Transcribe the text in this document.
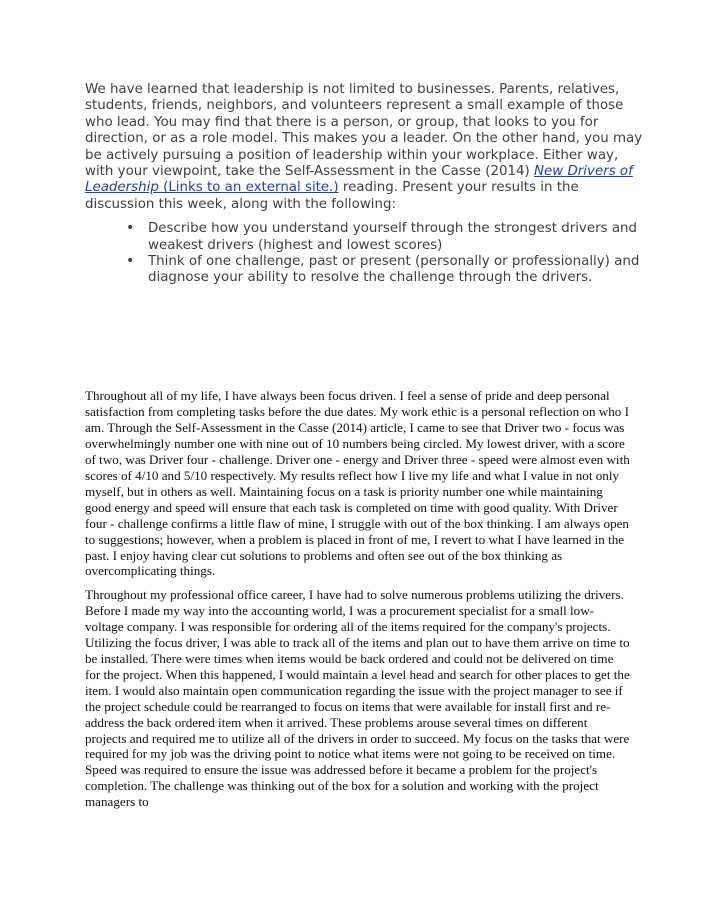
We have learned that leadership is not limited to businesses. Parents, relatives, students, friends, neighbors, and volunteers represent a small example of those who lead. You may find that there is a person, or group, that looks to you for direction, or as a role model. This makes you a leader. On the other hand, you may be actively pursuing a position of leadership within your workplace. Either way, with your viewpoint, take the Self-Assessment in the Casse (2014) New Drivers of Leadership (Links to an external site.) reading. Present your results in the discussion this week, along with the following:

• Describe how you understand yourself through the strongest drivers and weakest drivers (highest and lowest scores)
• Think of one challenge, past or present (personally or professionally) and diagnose your ability to resolve the challenge through the drivers.

Throughout all of my life, I have always been focus driven. I feel a sense of pride and deep personal satisfaction from completing tasks before the due dates. My work ethic is a personal reflection on who I am. Through the Self-Assessment in the Casse (2014) article, I came to see that Driver two - focus was overwhelmingly number one with nine out of 10 numbers being circled. My lowest driver, with a score of two, was Driver four - challenge. Driver one - energy and Driver three - speed were almost even with scores of 4/10 and 5/10 respectively. My results reflect how I live my life and what I value in not only myself, but in others as well. Maintaining focus on a task is priority number one while maintaining good energy and speed will ensure that each task is completed on time with good quality. With Driver four - challenge confirms a little flaw of mine, I struggle with out of the box thinking. I am always open to suggestions; however, when a problem is placed in front of me, I revert to what I have learned in the past. I enjoy having clear cut solutions to problems and often see out of the box thinking as overcomplicating things.

Throughout my professional office career, I have had to solve numerous problems utilizing the drivers. Before I made my way into the accounting world, I was a procurement specialist for a small low-voltage company. I was responsible for ordering all of the items required for the company's projects. Utilizing the focus driver, I was able to track all of the items and plan out to have them arrive on time to be installed. There were times when items would be back ordered and could not be delivered on time for the project. When this happened, I would maintain a level head and search for other places to get the item. I would also maintain open communication regarding the issue with the project manager to see if the project schedule could be rearranged to focus on items that were available for install first and re-address the back ordered item when it arrived. These problems arouse several times on different projects and required me to utilize all of the drivers in order to succeed. My focus on the tasks that were required for my job was the driving point to notice what items were not going to be received on time. Speed was required to ensure the issue was addressed before it became a problem for the project's completion. The challenge was thinking out of the box for a solution and working with the project managers to
